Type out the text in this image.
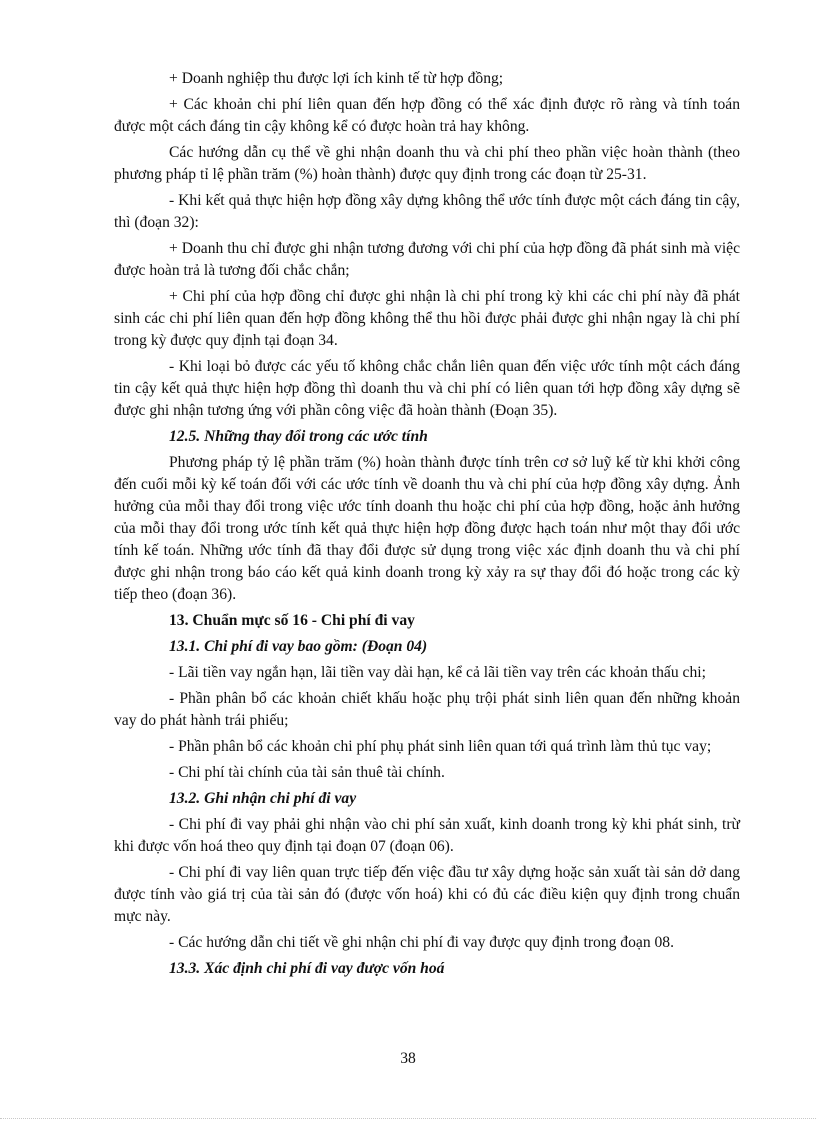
+ Doanh nghiệp thu được lợi ích kinh tế từ hợp đồng;

+ Các khoản chi phí liên quan đến hợp đồng có thể xác định được rõ ràng và tính toán được một cách đáng tin cậy không kể có được hoàn trả hay không.

Các hướng dẫn cụ thể về ghi nhận doanh thu và chi phí theo phần việc hoàn thành (theo phương pháp tỉ lệ phần trăm (%) hoàn thành) được quy định trong các đoạn từ 25-31.

- Khi kết quả thực hiện hợp đồng xây dựng không thể ước tính được một cách đáng tin cậy, thì (đoạn 32):

+ Doanh thu chỉ được ghi nhận tương đương với chi phí của hợp đồng đã phát sinh mà việc được hoàn trả là tương đối chắc chắn;

+ Chi phí của hợp đồng chỉ được ghi nhận là chi phí trong kỳ khi các chi phí này đã phát sinh các chi phí liên quan đến hợp đồng không thể thu hồi được phải được ghi nhận ngay là chi phí trong kỳ được quy định tại đoạn 34.

- Khi loại bỏ được các yếu tố không chắc chắn liên quan đến việc ước tính một cách đáng tin cậy kết quả thực hiện hợp đồng thì doanh thu và chi phí có liên quan tới hợp đồng xây dựng sẽ được ghi nhận tương ứng với phần công việc đã hoàn thành (Đoạn 35).

12.5. Những thay đổi trong các ước tính

Phương pháp tỷ lệ phần trăm (%) hoàn thành được tính trên cơ sở luỹ kế từ khi khởi công đến cuối mỗi kỳ kế toán đối với các ước tính về doanh thu và chi phí của hợp đồng xây dựng. Ảnh hưởng của mỗi thay đổi trong việc ước tính doanh thu hoặc chi phí của hợp đồng, hoặc ảnh hưởng của mỗi thay đổi trong ước tính kết quả thực hiện hợp đồng được hạch toán như một thay đổi ước tính kế toán. Những ước tính đã thay đổi được sử dụng trong việc xác định doanh thu và chi phí được ghi nhận trong báo cáo kết quả kinh doanh trong kỳ xảy ra sự thay đổi đó hoặc trong các kỳ tiếp theo (đoạn 36).

13. Chuẩn mực số 16 - Chi phí đi vay

13.1. Chi phí đi vay bao gồm: (Đoạn 04)

- Lãi tiền vay ngắn hạn, lãi tiền vay dài hạn, kể cả lãi tiền vay trên các khoản thấu chi;

- Phần phân bổ các khoản chiết khấu hoặc phụ trội phát sinh liên quan đến những khoản vay do phát hành trái phiếu;

- Phần phân bổ các khoản chi phí phụ phát sinh liên quan tới quá trình làm thủ tục vay;

- Chi phí tài chính của tài sản thuê tài chính.

13.2. Ghi nhận chi phí đi vay

- Chi phí đi vay phải ghi nhận vào chi phí sản xuất, kinh doanh trong kỳ khi phát sinh, trừ khi được vốn hoá theo quy định tại đoạn 07 (đoạn 06).

- Chi phí đi vay liên quan trực tiếp đến việc đầu tư xây dựng hoặc sản xuất tài sản dở dang được tính vào giá trị của tài sản đó (được vốn hoá) khi có đủ các điều kiện quy định trong chuẩn mực này.

- Các hướng dẫn chi tiết về ghi nhận chi phí đi vay được quy định trong đoạn 08.

13.3. Xác định chi phí đi vay được vốn hoá

38
